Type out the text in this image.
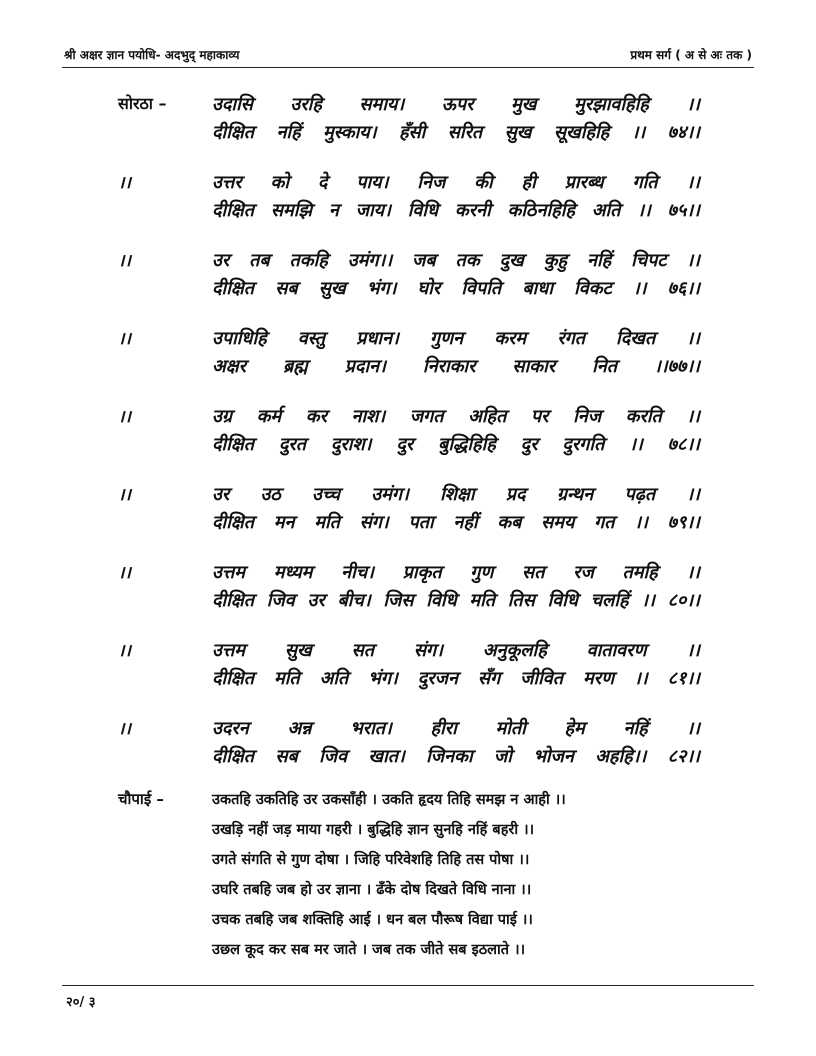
श्री अक्षर ज्ञान पयोधि- अदभुद् महाकाव्य	प्रथम सर्ग ( अ से अः तक )
सोरठा –	उदासि उरहि समाय। ऊपर मुख मुरझावहिहि ।।
दीक्षित नहिं मुस्काय। हँसी सरित सुख सूखहिहि ।। ७४।।
।।	उत्तर को दे पाय। निज की ही प्रारब्ध गति ।।
दीक्षित समझि न जाय। विधि करनी कठिनहिहि अति ।। ७५।।
।।	उर तब तकहि उमंग।। जब तक दुख कुहु नहिं चिपट ।।
दीक्षित सब सुख भंग। घोर विपति बाधा विकट ।। ७६।।
।।	उपाधिहि वस्तु प्रधान। गुणन करम रंगत दिखत ।।
अक्षर ब्रह्म प्रदान। निराकार साकार नित ।।७७।।
।।	उग्र कर्म कर नाश। जगत अहित पर निज करति ।।
दीक्षित दुरत दुराश। दुर बुद्धिहिहि दुर दुरगति ।। ७८।।
।।	उर उठ उच्च उमंग। शिक्षा प्रद ग्रन्थन पढ़त ।।
दीक्षित मन मति संग। पता नहीं कब समय गत ।। ७९।।
।।	उत्तम मध्यम नीच। प्राकृत गुण सत रज तमहि ।।
दीक्षित जिव उर बीच। जिस विधि मति तिस विधि चलहिं ।। ८०।।
।।	उत्तम सुख सत संग। अनुकूलहि वातावरण ।।
दीक्षित मति अति भंग। दुरजन सँग जीवित मरण ।। ८१।।
।।	उदरन अन्न भरात। हीरा मोती हेम नहिं ।।
दीक्षित सब जिव खात। जिनका जो भोजन अहहि।। ८२।।
चौपाई –	उकतहि उकतिहि उर उकसाँही । उकति हृदय तिहि समझ न आही ।।
उखड़ि नहीं जड़ माया गहरी । बुद्धिहि ज्ञान सुनहि नहिं बहरी ।।
उगते संगति से गुण दोषा । जिहि परिवेशहि तिहि तस पोषा ।।
उघरि तबहि जब हो उर ज्ञाना । ढँके दोष दिखते विधि नाना ।।
उचक तबहि जब शक्तिहि आई । धन बल पौरूष विद्या पाई ।।
उछल कूद कर सब मर जाते । जब तक जीते सब इठलाते ।।
२०/ ३
